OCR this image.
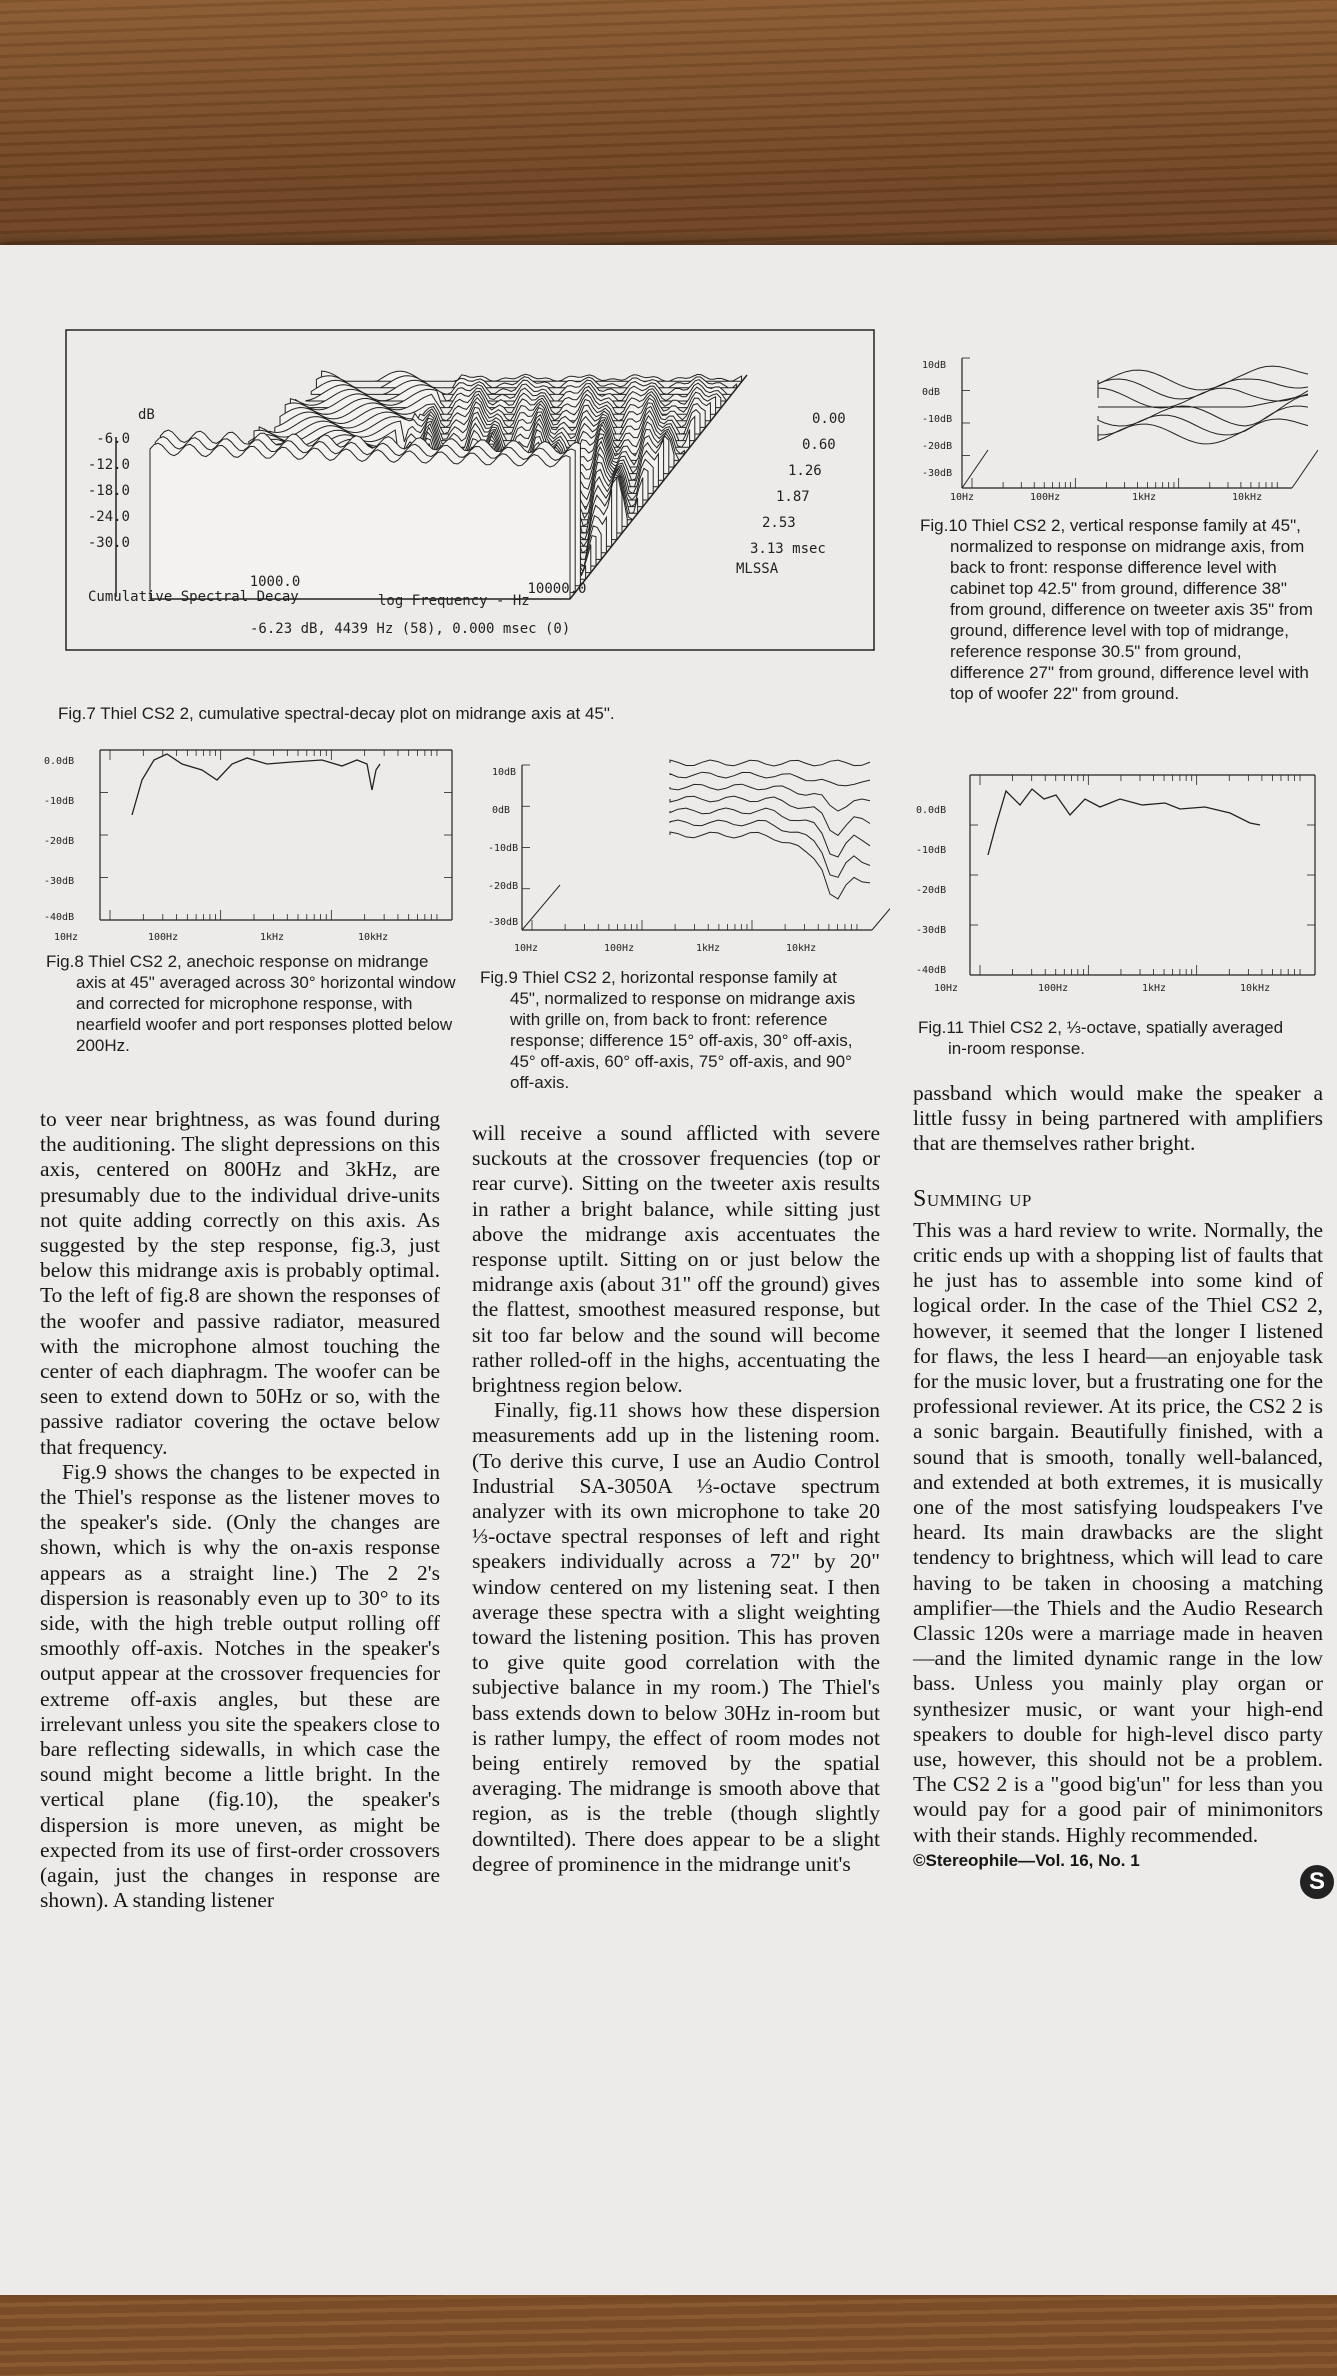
dB
-6.0
-12.0
-18.0
-24.0
-30.0
0.00
0.60
1.26
1.87
2.53
3.13 msec
MLSSA
1000.0	10000.0
Cumulative Spectral Decay	log Frequency - Hz
-6.23 dB, 4439 Hz (58), 0.000 msec (0)
Fig.7 Thiel CS2 2, cumulative spectral-decay plot on midrange axis at 45".
10dB
0dB
-10dB
-20dB
-30dB
10Hz	100Hz	1kHz	10kHz
Fig.10 Thiel CS2 2, vertical response family at 45",
normalized to response on midrange axis, from back to front: response difference level with cabinet top 42.5" from ground, difference 38" from ground, difference on tweeter axis 35" from ground, difference level with top of midrange, reference response 30.5" from ground, difference 27" from ground, difference level with top of woofer 22" from ground.
0.0dB
-10dB
-20dB
-30dB
-40dB
10Hz	100Hz	1kHz	10kHz
Fig.8 Thiel CS2 2, anechoic response on midrange
axis at 45" averaged across 30° horizontal window and corrected for microphone response, with nearfield woofer and port responses plotted below 200Hz.
10dB
0dB
-10dB
-20dB
-30dB
10Hz	100Hz	1kHz	10kHz
Fig.9 Thiel CS2 2, horizontal response family at
45", normalized to response on midrange axis with grille on, from back to front: reference response; difference 15° off-axis, 30° off-axis, 45° off-axis, 60° off-axis, 75° off-axis, and 90° off-axis.
0.0dB
-10dB
-20dB
-30dB
-40dB
10Hz	100Hz	1kHz	10kHz
Fig.11 Thiel CS2 2, ⅓-octave, spatially averaged
in-room response.

to veer near brightness, as was found during the auditioning. The slight depressions on this axis, centered on 800Hz and 3kHz, are presumably due to the individual drive-units not quite adding correctly on this axis. As suggested by the step response, fig.3, just below this midrange axis is probably optimal. To the left of fig.8 are shown the responses of the woofer and passive radiator, measured with the microphone almost touching the center of each diaphragm. The woofer can be seen to extend down to 50Hz or so, with the passive radiator covering the octave below that frequency.

Fig.9 shows the changes to be expected in the Thiel's response as the listener moves to the speaker's side. (Only the changes are shown, which is why the on-axis response appears as a straight line.) The 2 2's dispersion is reasonably even up to 30° to its side, with the high treble output rolling off smoothly off-axis. Notches in the speaker's output appear at the crossover frequencies for extreme off-axis angles, but these are irrelevant unless you site the speakers close to bare reflecting sidewalls, in which case the sound might become a little bright. In the vertical plane (fig.10), the speaker's dispersion is more uneven, as might be expected from its use of first-order crossovers (again, just the changes in response are shown). A standing listener

will receive a sound afflicted with severe suckouts at the crossover frequencies (top or rear curve). Sitting on the tweeter axis results in rather a bright balance, while sitting just above the midrange axis accentuates the response uptilt. Sitting on or just below the midrange axis (about 31" off the ground) gives the flattest, smoothest measured response, but sit too far below and the sound will become rather rolled-off in the highs, accentuating the brightness region below.

Finally, fig.11 shows how these dispersion measurements add up in the listening room. (To derive this curve, I use an Audio Control Industrial SA-3050A ⅓-octave spectrum analyzer with its own microphone to take 20 ⅓-octave spectral responses of left and right speakers individually across a 72" by 20" window centered on my listening seat. I then average these spectra with a slight weighting toward the listening position. This has proven to give quite good correlation with the subjective balance in my room.) The Thiel's bass extends down to below 30Hz in-room but is rather lumpy, the effect of room modes not being entirely removed by the spatial averaging. The midrange is smooth above that region, as is the treble (though slightly downtilted). There does appear to be a slight degree of prominence in the midrange unit's

passband which would make the speaker a little fussy in being partnered with amplifiers that are themselves rather bright.

Summing up

This was a hard review to write. Normally, the critic ends up with a shopping list of faults that he just has to assemble into some kind of logical order. In the case of the Thiel CS2 2, however, it seemed that the longer I listened for flaws, the less I heard—an enjoyable task for the music lover, but a frustrating one for the professional reviewer. At its price, the CS2 2 is a sonic bargain. Beautifully finished, with a sound that is smooth, tonally well-balanced, and extended at both extremes, it is musically one of the most satisfying loudspeakers I've heard. Its main drawbacks are the slight tendency to brightness, which will lead to care having to be taken in choosing a matching amplifier—the Thiels and the Audio Research Classic 120s were a marriage made in heaven—and the limited dynamic range in the low bass. Unless you mainly play organ or synthesizer music, or want your high-end speakers to double for high-level disco party use, however, this should not be a problem. The CS2 2 is a "good big'un" for less than you would pay for a good pair of minimonitors with their stands. Highly recommended.

©Stereophile—Vol. 16, No. 1
S
